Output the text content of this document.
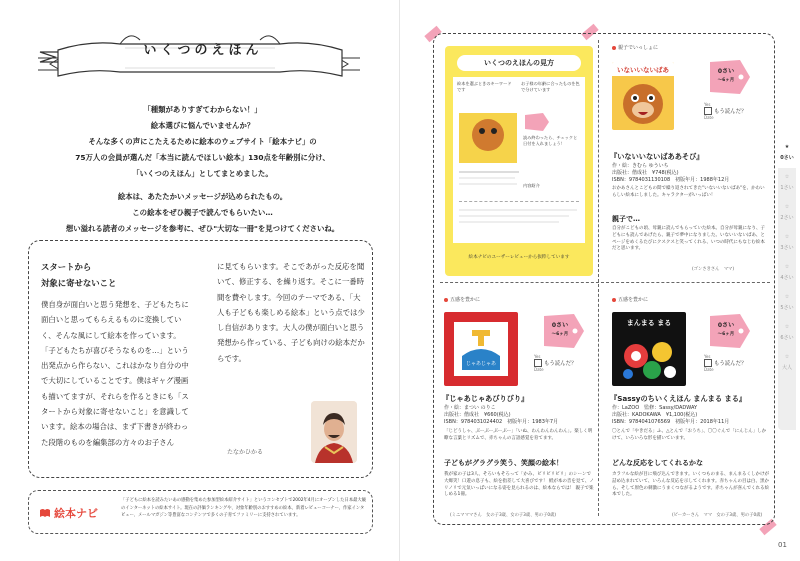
いくつのえほん

「種類がありすぎてわからない！」

絵本選びに悩んでいませんか？

そんな多くの声にこたえるために絵本のウェブサイト「絵本ナビ」の

75万人の会員が選んだ「本当に読んでほしい絵本」130点を年齢別に分け、

「いくつのえほん」としてまとめました。

絵本は、あたたかいメッセージが込められたもの。

この絵本をぜひ親子で読んでもらいたい…

想い溢れる読者のメッセージを参考に、ぜひ"大切な一冊"を見つけてくださいね。

スタートから
対象に寄せないこと
僕自身が面白いと思う発想を、子どもたちに面白いと思ってもらえるものに変換していく、そんな風にして絵本を作っています。「子どもたちが喜びそうなものを…」という出発点から作らない、これはかなり自分の中で大切にしていることです。僕はギャグ漫画も描いてますが、それらを作るときにも「スタートから対象に寄せないこと」を意識しています。絵本の場合は、まず下書きが終わった段階のものを編集部の方々のお子さん
に見てもらいます。そこであがった反応を聞いて、修正する、を繰り返す。そこに一番時間を費やします。今回のテーマである、「大人も子どもも楽しめる絵本」という点では少し自信があります。大人の僕が面白いと思う発想から作っている、子ども向けの絵本だからです。
たなかひかる
絵本ナビ
「子どもに絵本を読みたいあの感動を集めた参加型絵本紹介サイト」というコンセプトで2002年4月にオープンした日本最大級のインターネットの絵本サイト。現在の評価ランキングや、対象年齢別のおすすめの絵本、新着レビューコーナー、作家インタビュー、メールマガジン等豊富なコンテンツで多くの子育てファミリーに支持されています。
いくつのえほんの見方
絵本を選ぶときのキーワードです
お子様の年齢に合ったものを色で分けています
読み終わったら、チェックと日付を入れましょう！
内容紹介
絵本ナビのユーザーレビューから抜粋しています
親子でいっしょに
いないいないばあ	0さい
〜6ヶ月
Yes
もう読んだ？
Date
『いないいないばああそび』
作・絵：きむら ゆういち
出版社：偕成社　¥748(税込)
ISBN：9784031130108　初版年月：1988年12月
おかあさんとこどもの間で繰り返されてきた"いないいないばあ"を、かわいらしい絵本にしました。キャラクターがいっぱい！
親子で…
自分がこどもの頃、母親に読んでもらっていた絵本。自分が母親になり、子どもにも読んであげたら、親子で夢中になりました。いないいないばあ、とページをめくるたびにクスクスと笑ってくれる、いつの時代にもなじむ絵本だと思います。
(ゴンさきさん　ママ)
五感を豊かに
じゃあじゃあ
0さい
〜6ヶ月
Yes
もう読んだ？
Date
『じゃあじゃあびりびり』
作・絵：まつい のりこ
出版社：偕成社　¥660(税込)
ISBN：9784031024402　初版年月：1983年7月
「じどうしゃ、ぶーぶーぶーぶー」「いぬ、わんわんわんわん」。楽しく明瞭な言葉とリズムで、赤ちゃんの言語感覚を育てます。
子どもがグラグラ笑う、笑顔の絵本！
我が家の子は3人、そろいもそろって「かみ、ビリビリビリ」のシーンで大爆笑！口遊の息子も、絵を指差して大喜びです！ 紙が本の音を見て、ノリノリで元気いっぱいになる姿を見られるのは、絵本ならでは！ 親子で楽しめる1冊。
(ミニマママさん　女の子3歳、女の子3歳、男の子0歳)
五感を豊かに
まんまる まる	0さい
〜6ヶ月
Yes
もう読んだ？
Date
『Sassyのちいくえほん まんまる まる』
作：LaZOO　監修：Sassy/DADWAY
出版社：KADOKAWA　¥1,100(税込)
ISBN：9784041076569　初版年月：2018年11月
〇とんで「やきだる」ふ、△とんで「おうち」、〇〇ぐんで「にんじん」しかけて、いろいろな形を描いています。
どんな反応をしてくれるかな
カラフルな絵が目に飛び込んできます。いくつものまる、まんまるくしかけが詰め込まれていて、いろんな反応を示してくれます。赤ちゃんの目は白、黒から、そして原色の刺激にうまくつながるようです。赤ちゃんが喜んでくれる絵本でした。
(ビーカーさん　ママ　女の子3歳、男の子0歳)
★
0さい
☆
1さい
☆
2さい
☆
3さい
☆
4さい
☆
5さい
☆
6さい
☆
大人
01
